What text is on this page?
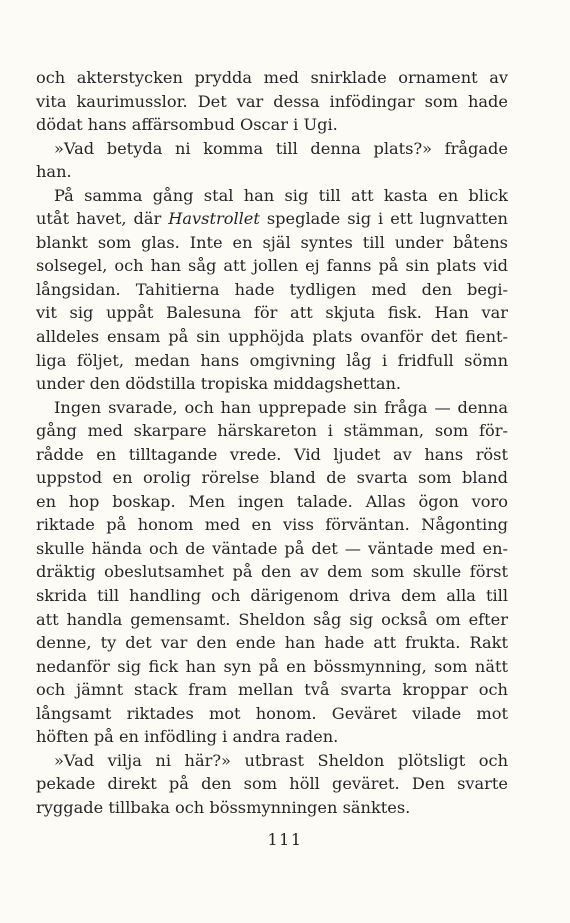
och akterstycken prydda med snirklade ornament av
vita kaurimusslor. Det var dessa infödingar som hade
dödat hans affärsombud Oscar i Ugi.
»Vad betyda ni komma till denna plats?» frågade
han.
På samma gång stal han sig till att kasta en blick
utåt havet, där Havstrollet speglade sig i ett lugnvatten
blankt som glas. Inte en själ syntes till under båtens
solsegel, och han såg att jollen ej fanns på sin plats vid
långsidan. Tahitierna hade tydligen med den begi-
vit sig uppåt Balesuna för att skjuta fisk. Han var
alldeles ensam på sin upphöjda plats ovanför det fient-
liga följet, medan hans omgivning låg i fridfull sömn
under den dödstilla tropiska middagshettan.
Ingen svarade, och han upprepade sin fråga — denna
gång med skarpare härskareton i stämman, som för-
rådde en tilltagande vrede. Vid ljudet av hans röst
uppstod en orolig rörelse bland de svarta som bland
en hop boskap. Men ingen talade. Allas ögon voro
riktade på honom med en viss förväntan. Någonting
skulle hända och de väntade på det — väntade med en-
dräktig obeslutsamhet på den av dem som skulle först
skrida till handling och därigenom driva dem alla till
att handla gemensamt. Sheldon såg sig också om efter
denne, ty det var den ende han hade att frukta. Rakt
nedanför sig fick han syn på en bössmynning, som nätt
och jämnt stack fram mellan två svarta kroppar och
långsamt riktades mot honom. Geväret vilade mot
höften på en infödling i andra raden.
»Vad vilja ni här?» utbrast Sheldon plötsligt och
pekade direkt på den som höll geväret. Den svarte
ryggade tillbaka och bössmynningen sänktes.
111
